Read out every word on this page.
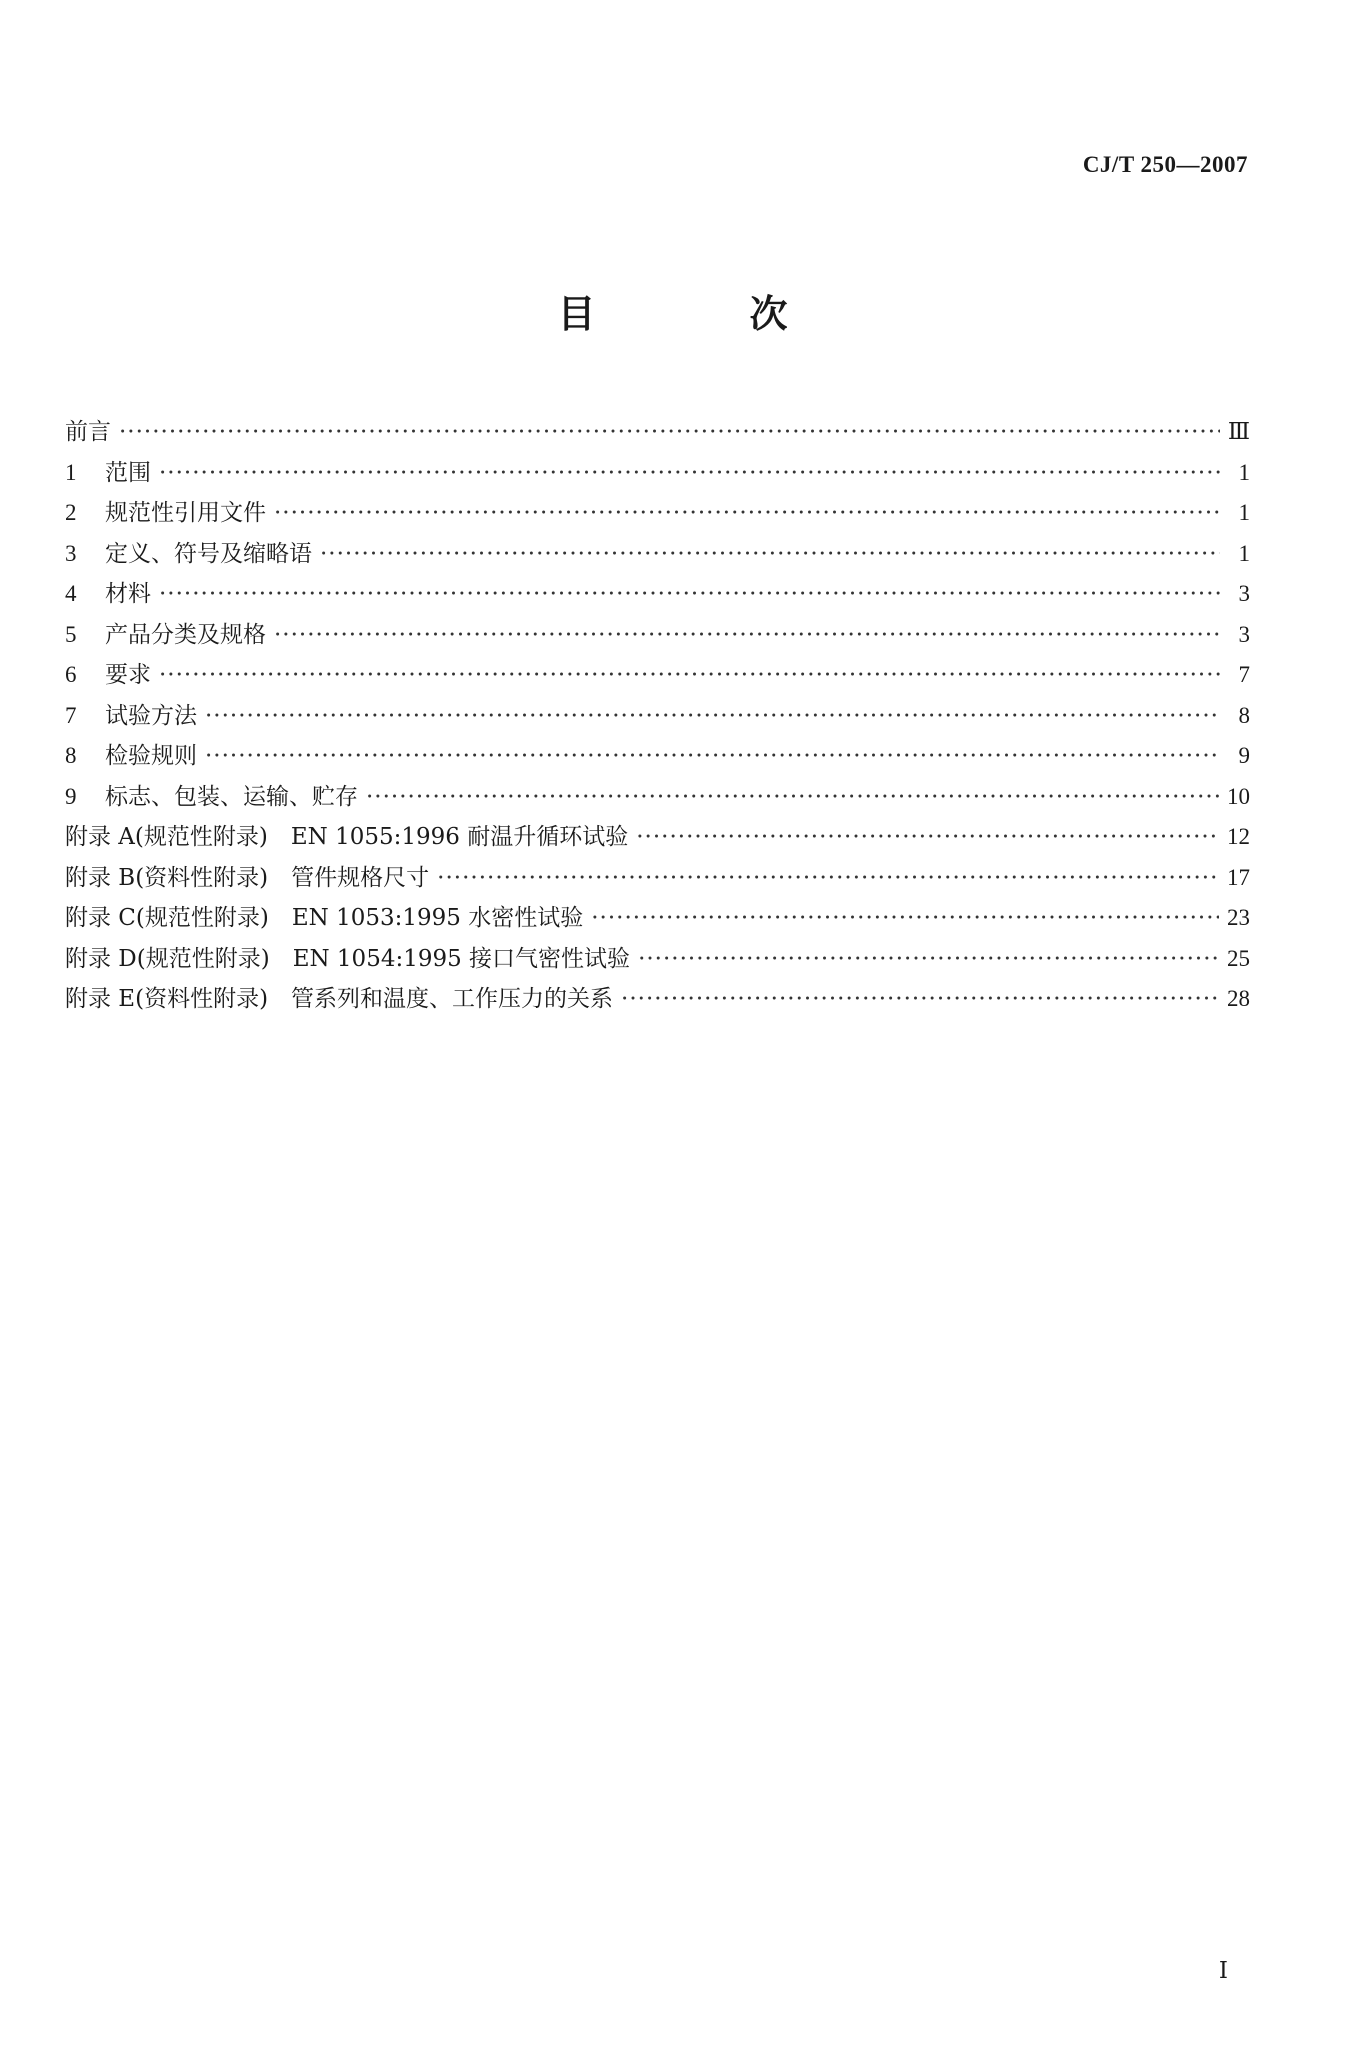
CJ/T 250—2007
目　次
前言 ·····	Ⅲ
1	范围 ·····	1
2	规范性引用文件 ·····	1
3	定义、符号及缩略语 ·····	1
4	材料 ·····	3
5	产品分类及规格 ·····	3
6	要求 ·····	7
7	试验方法 ·····	8
8	检验规则 ·····	9
9	标志、包装、运输、贮存 ·····	10
附录 A(规范性附录)　EN 1055:1996 耐温升循环试验 ·····	12
附录 B(资料性附录)　管件规格尺寸 ·····	17
附录 C(规范性附录)　EN 1053:1995 水密性试验 ·····	23
附录 D(规范性附录)　EN 1054:1995 接口气密性试验 ·····	25
附录 E(资料性附录)　管系列和温度、工作压力的关系 ·····	28
Ⅰ
